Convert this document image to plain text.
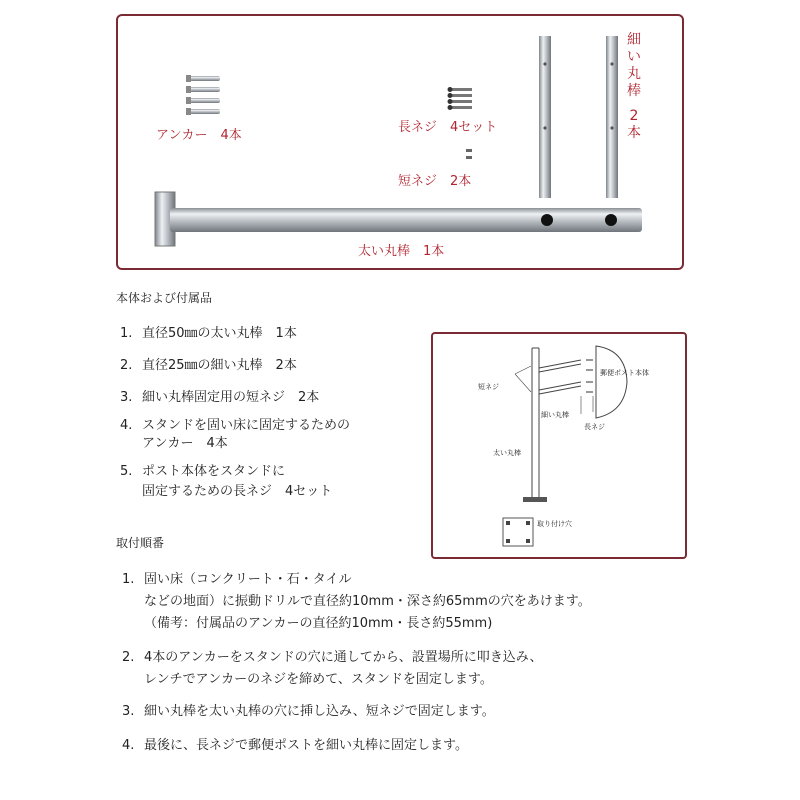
アンカー　4本
長ネジ　4セット
短ネジ　2本
細い丸棒
2本
太い丸棒　1本
本体および付属品
1. 直径50㎜の太い丸棒　1本
2. 直径25㎜の細い丸棒　2本
3. 細い丸棒固定用の短ネジ　2本
4. スタンドを固い床に固定するための
アンカー　4本
5. ポスト本体をスタンドに
固定するための長ネジ　4セット
短ネジ
細い丸棒
太い丸棒
郵便ポスト本体
長ネジ
取り付け穴
取付順番
1. 固い床（コンクリート・石・タイル
などの地面）に振動ドリルで直径約10mm・深さ約65mmの穴をあけます。
（備考：付属品のアンカーの直径約10mm・長さ約55mm)
2. 4本のアンカーをスタンドの穴に通してから、設置場所に叩き込み、
レンチでアンカーのネジを締めて、スタンドを固定します。
3. 細い丸棒を太い丸棒の穴に挿し込み、短ネジで固定します。
4. 最後に、長ネジで郵便ポストを細い丸棒に固定します。
